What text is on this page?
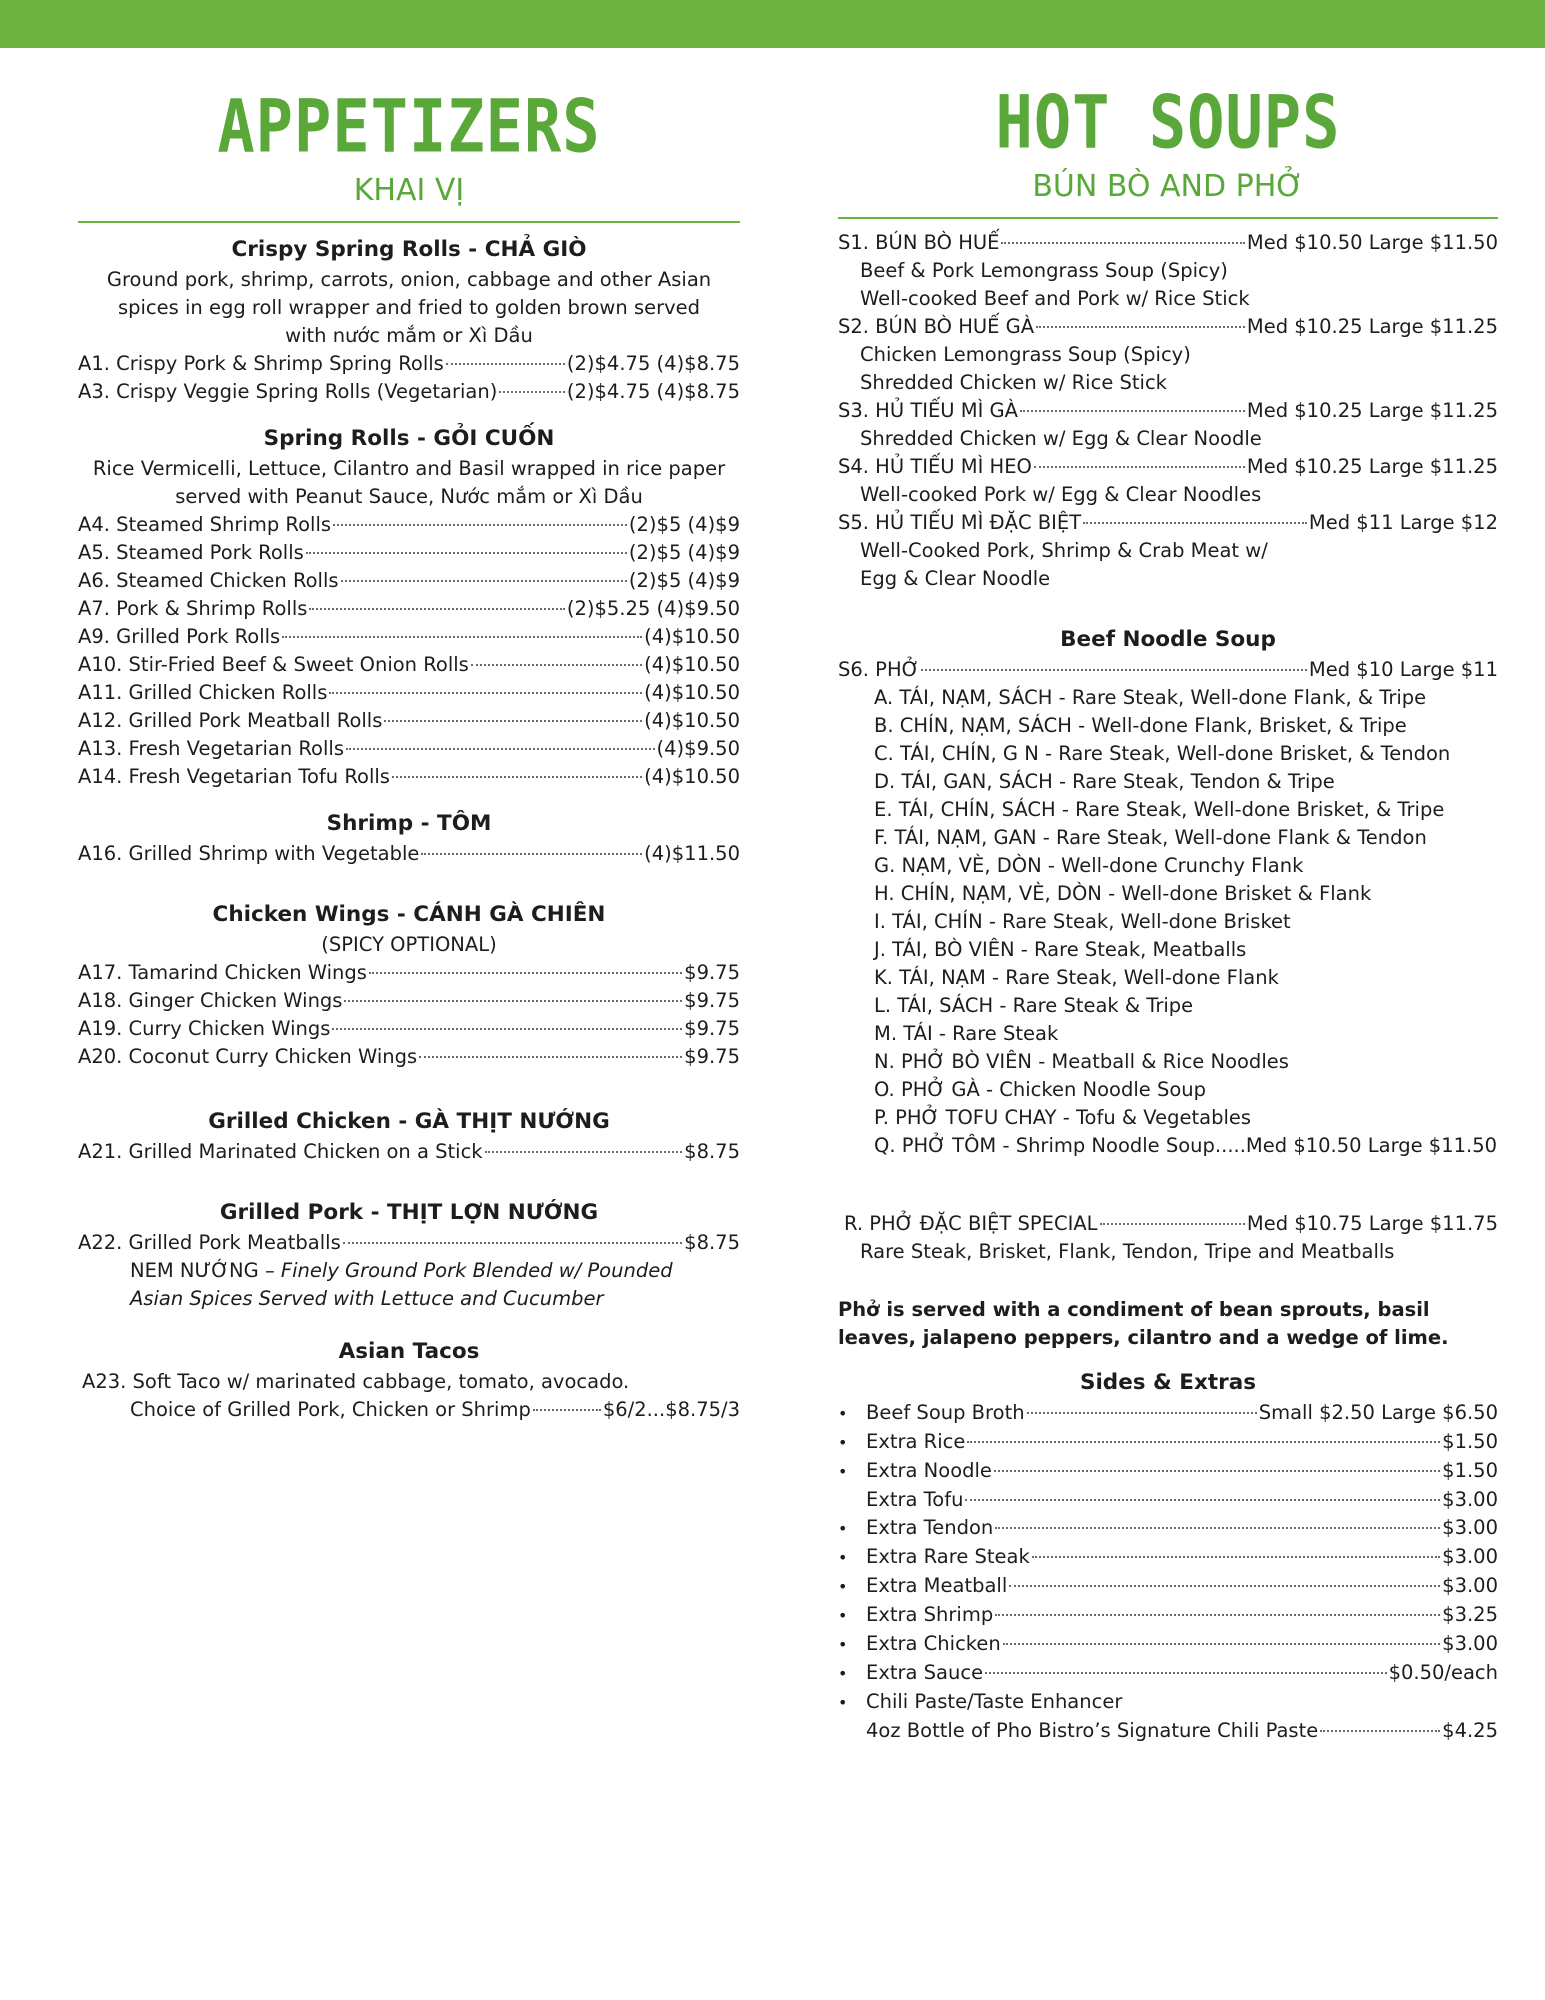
APPETIZERS
KHAI VỊ
Crispy Spring Rolls - CHẢ GIÒ
Ground pork, shrimp, carrots, onion, cabbage and other Asian
spices in egg roll wrapper and fried to golden brown served
with nước mắm or Xì Dầu
A1. Crispy Pork & Shrimp Spring Rolls	(2)$4.75 (4)$8.75
A3. Crispy Veggie Spring Rolls (Vegetarian)	(2)$4.75 (4)$8.75
Spring Rolls - GỎI CUỐN
Rice Vermicelli, Lettuce, Cilantro and Basil wrapped in rice paper
served with Peanut Sauce, Nước mắm or Xì Dầu
A4. Steamed Shrimp Rolls	(2)$5 (4)$9
A5. Steamed Pork Rolls	(2)$5 (4)$9
A6. Steamed Chicken Rolls	(2)$5 (4)$9
A7. Pork & Shrimp Rolls	(2)$5.25 (4)$9.50
A9. Grilled Pork Rolls	(4)$10.50
A10. Stir-Fried Beef & Sweet Onion Rolls	(4)$10.50
A11. Grilled Chicken Rolls	(4)$10.50
A12. Grilled Pork Meatball Rolls	(4)$10.50
A13. Fresh Vegetarian Rolls	(4)$9.50
A14. Fresh Vegetarian Tofu Rolls	(4)$10.50
Shrimp - TÔM
A16. Grilled Shrimp with Vegetable	(4)$11.50
Chicken Wings - CÁNH GÀ CHIÊN
(SPICY OPTIONAL)
A17. Tamarind Chicken Wings	$9.75
A18. Ginger Chicken Wings	$9.75
A19. Curry Chicken Wings	$9.75
A20. Coconut Curry Chicken Wings	$9.75
Grilled Chicken - GÀ THỊT NƯỚNG
A21. Grilled Marinated Chicken on a Stick	$8.75
Grilled Pork - THỊT LỢN NƯỚNG
A22. Grilled Pork Meatballs	$8.75
NEM NƯỚNG – Finely Ground Pork Blended w/ Pounded
Asian Spices Served with Lettuce and Cucumber
Asian Tacos
A23. Soft Taco w/ marinated cabbage, tomato, avocado.
Choice of Grilled Pork, Chicken or Shrimp	$6/2...$8.75/3
HOT SOUPS
BÚN BÒ AND PHỞ
S1. BÚN BÒ HUẾ	Med $10.50 Large $11.50
Beef & Pork Lemongrass Soup (Spicy)
Well-cooked Beef and Pork w/ Rice Stick
S2. BÚN BÒ HUẾ GÀ	Med $10.25 Large $11.25
Chicken Lemongrass Soup (Spicy)
Shredded Chicken w/ Rice Stick
S3. HỦ TIẾU MÌ GÀ	Med $10.25 Large $11.25
Shredded Chicken w/ Egg & Clear Noodle
S4. HỦ TIẾU MÌ HEO	Med $10.25 Large $11.25
Well-cooked Pork w/ Egg & Clear Noodles
S5. HỦ TIẾU MÌ ĐẶC BIỆT	Med $11 Large $12
Well-Cooked Pork, Shrimp & Crab Meat w/
Egg & Clear Noodle
Beef Noodle Soup
S6. PHỞ	Med $10 Large $11
A. TÁI, NẠM, SÁCH - Rare Steak, Well-done Flank, & Tripe
B. CHÍN, NẠM, SÁCH - Well-done Flank, Brisket, & Tripe
C. TÁI, CHÍN, G N - Rare Steak, Well-done Brisket, & Tendon
D. TÁI, GAN, SÁCH - Rare Steak, Tendon & Tripe
E. TÁI, CHÍN, SÁCH - Rare Steak, Well-done Brisket, & Tripe
F. TÁI, NẠM, GAN - Rare Steak, Well-done Flank & Tendon
G. NẠM, VÈ, DÒN - Well-done Crunchy Flank
H. CHÍN, NẠM, VÈ, DÒN - Well-done Brisket & Flank
I. TÁI, CHÍN - Rare Steak, Well-done Brisket
J. TÁI, BÒ VIÊN - Rare Steak, Meatballs
K. TÁI, NẠM - Rare Steak, Well-done Flank
L. TÁI, SÁCH - Rare Steak & Tripe
M. TÁI - Rare Steak
N. PHỞ BÒ VIÊN - Meatball & Rice Noodles
O. PHỞ GÀ - Chicken Noodle Soup
P. PHỞ TOFU CHAY - Tofu & Vegetables
Q. PHỞ TÔM - Shrimp Noodle Soup.....Med $10.50 Large $11.50
R. PHỞ ĐẶC BIỆT SPECIAL	Med $10.75 Large $11.75
Rare Steak, Brisket, Flank, Tendon, Tripe and Meatballs
Phở is served with a condiment of bean sprouts, basil
leaves, jalapeno peppers, cilantro and a wedge of lime.
Sides & Extras
• Beef Soup Broth	Small $2.50 Large $6.50
• Extra Rice	$1.50
• Extra Noodle	$1.50
Extra Tofu	$3.00
• Extra Tendon	$3.00
• Extra Rare Steak	$3.00
• Extra Meatball	$3.00
• Extra Shrimp	$3.25
• Extra Chicken	$3.00
• Extra Sauce	$0.50/each
• Chili Paste/Taste Enhancer
4oz Bottle of Pho Bistro’s Signature Chili Paste	$4.25
